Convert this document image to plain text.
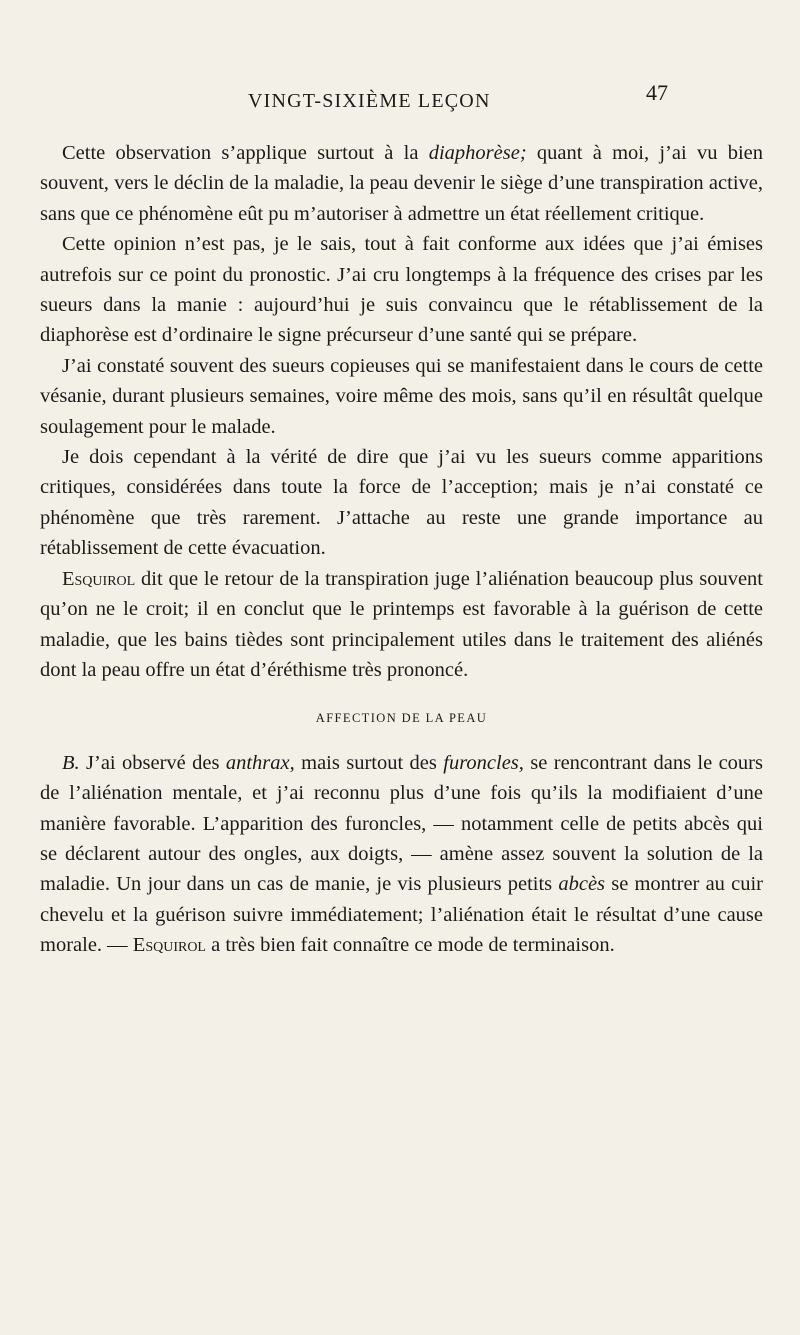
VINGT-SIXIÈME LEÇON	47

Cette observation s’applique surtout à la diaphorèse; quant à moi, j’ai vu bien souvent, vers le déclin de la maladie, la peau devenir le siège d’une transpiration active, sans que ce phénomène eût pu m’autoriser à admettre un état réellement critique.

Cette opinion n’est pas, je le sais, tout à fait conforme aux idées que j’ai émises autrefois sur ce point du pronostic. J’ai cru longtemps à la fréquence des crises par les sueurs dans la manie : aujourd’hui je suis convaincu que le rétablissement de la diaphorèse est d’ordinaire le signe précurseur d’une santé qui se prépare.

J’ai constaté souvent des sueurs copieuses qui se manifestaient dans le cours de cette vésanie, durant plusieurs semaines, voire même des mois, sans qu’il en résultât quelque soulagement pour le malade.

Je dois cependant à la vérité de dire que j’ai vu les sueurs comme apparitions critiques, considérées dans toute la force de l’acception; mais je n’ai constaté ce phénomène que très rarement. J’attache au reste une grande importance au rétablissement de cette évacuation.

Esquirol dit que le retour de la transpiration juge l’aliénation beaucoup plus souvent qu’on ne le croit; il en conclut que le printemps est favorable à la guérison de cette maladie, que les bains tièdes sont principalement utiles dans le traitement des aliénés dont la peau offre un état d’éréthisme très prononcé.

AFFECTION DE LA PEAU

B. J’ai observé des anthrax, mais surtout des furoncles, se rencontrant dans le cours de l’aliénation mentale, et j’ai reconnu plus d’une fois qu’ils la modifiaient d’une manière favorable. L’apparition des furoncles, — notamment celle de petits abcès qui se déclarent autour des ongles, aux doigts, — amène assez souvent la solution de la maladie. Un jour dans un cas de manie, je vis plusieurs petits abcès se montrer au cuir chevelu et la guérison suivre immédiatement; l’aliénation était le résultat d’une cause morale. — Esquirol a très bien fait connaître ce mode de terminaison.
